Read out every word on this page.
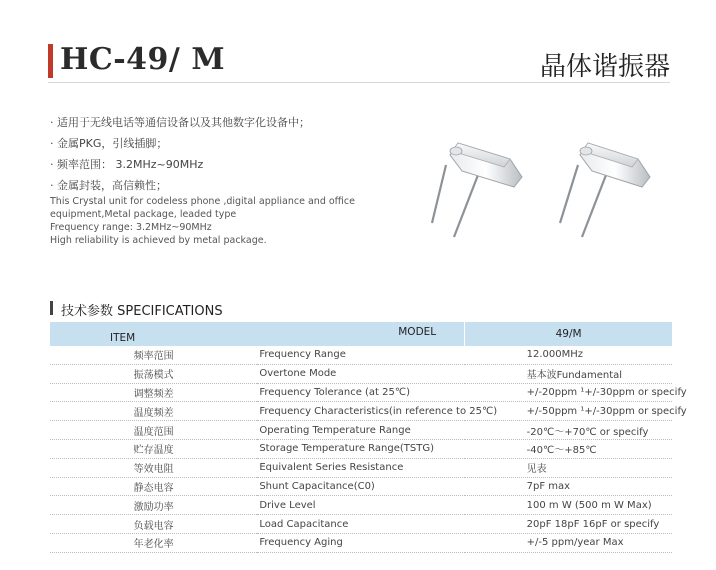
HC-49/ M	晶体谐振器
· 适用于无线电话等通信设备以及其他数字化设备中；
· 金属PKG，引线插脚；
· 频率范围： 3.2MHz~90MHz
· 金属封装，高信赖性；
This Crystal unit for codeless phone ,digital appliance and office
equipment,Metal package, leaded type
Frequency range: 3.2MHz~90MHz
High reliability is achieved by metal package.
技术参数 SPECIFICATIONS
ITEM MODEL		49/M
频率范围	Frequency Range	12.000MHz
振荡模式	Overtone Mode	基本波Fundamental
调整频差	Frequency Tolerance (at 25℃)	+/-20ppm ¹+/-30ppm or specify
温度频差	Frequency Characteristics(in reference to 25℃)	+/-50ppm ¹+/-30ppm or specify
温度范围	Operating Temperature Range	-20℃～+70℃ or specify
贮存温度	Storage Temperature Range(TSTG)	-40℃～+85℃
等效电阻	Equivalent Series Resistance	见表
静态电容	Shunt Capacitance(C0)	7pF max
激励功率	Drive Level	100 m W (500 m W Max)
负载电容	Load Capacitance	20pF 18pF 16pF or specify
年老化率	Frequency Aging	+/-5 ppm/year Max
